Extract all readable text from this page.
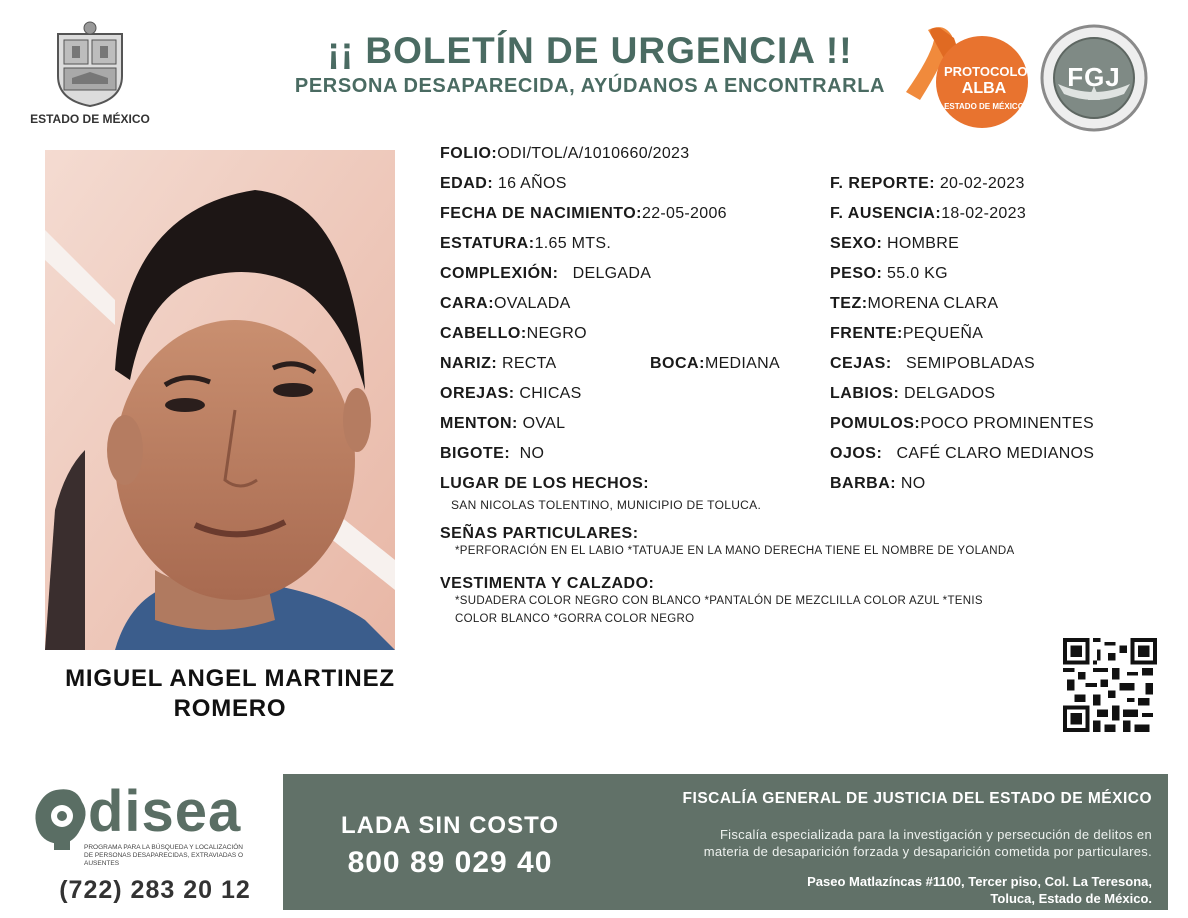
ESTADO DE MÉXICO
¡¡ BOLETÍN DE URGENCIA !!
PERSONA DESAPARECIDA, AYÚDANOS A ENCONTRARLA
PROTOCOLO
ALBA
ESTADO DE MÉXICO
FGJ
MIGUEL ANGEL MARTINEZ
ROMERO
FOLIO:ODI/TOL/A/1010660/2023
EDAD: 16 AÑOS
FECHA DE NACIMIENTO:22-05-2006
ESTATURA:1.65 MTS.
COMPLEXIÓN: DELGADA
CARA:OVALADA
CABELLO:NEGRO
NARIZ: RECTA	BOCA:MEDIANA
OREJAS: CHICAS
MENTON: OVAL
BIGOTE: NO
F. REPORTE: 20-02-2023
F. AUSENCIA:18-02-2023
SEXO: HOMBRE
PESO: 55.0 KG
TEZ:MORENA CLARA
FRENTE:PEQUEÑA
CEJAS: SEMIPOBLADAS
LABIOS: DELGADOS
POMULOS:POCO PROMINENTES
OJOS: CAFÉ CLARO MEDIANOS
BARBA: NO
LUGAR DE LOS HECHOS:
SAN NICOLAS TOLENTINO, MUNICIPIO DE TOLUCA.
SEÑAS PARTICULARES:
*PERFORACIÓN EN EL LABIO *TATUAJE EN LA MANO DERECHA TIENE EL NOMBRE DE YOLANDA
VESTIMENTA Y CALZADO:
*SUDADERA COLOR NEGRO CON BLANCO *PANTALÓN DE MEZCLILLA COLOR AZUL *TENIS
COLOR BLANCO *GORRA COLOR NEGRO
disea
PROGRAMA PARA LA BÚSQUEDA Y LOCALIZACIÓN
DE PERSONAS DESAPARECIDAS, EXTRAVIADAS O
AUSENTES
(722) 283 20 12
LADA SIN COSTO
800 89 029 40
FISCALÍA GENERAL DE JUSTICIA DEL ESTADO DE MÉXICO
Fiscalía especializada para la investigación y persecución de delitos en
materia de desaparición forzada y desaparición cometida por particulares.
Paseo Matlazíncas #1100, Tercer piso, Col. La Teresona,
Toluca, Estado de México.
